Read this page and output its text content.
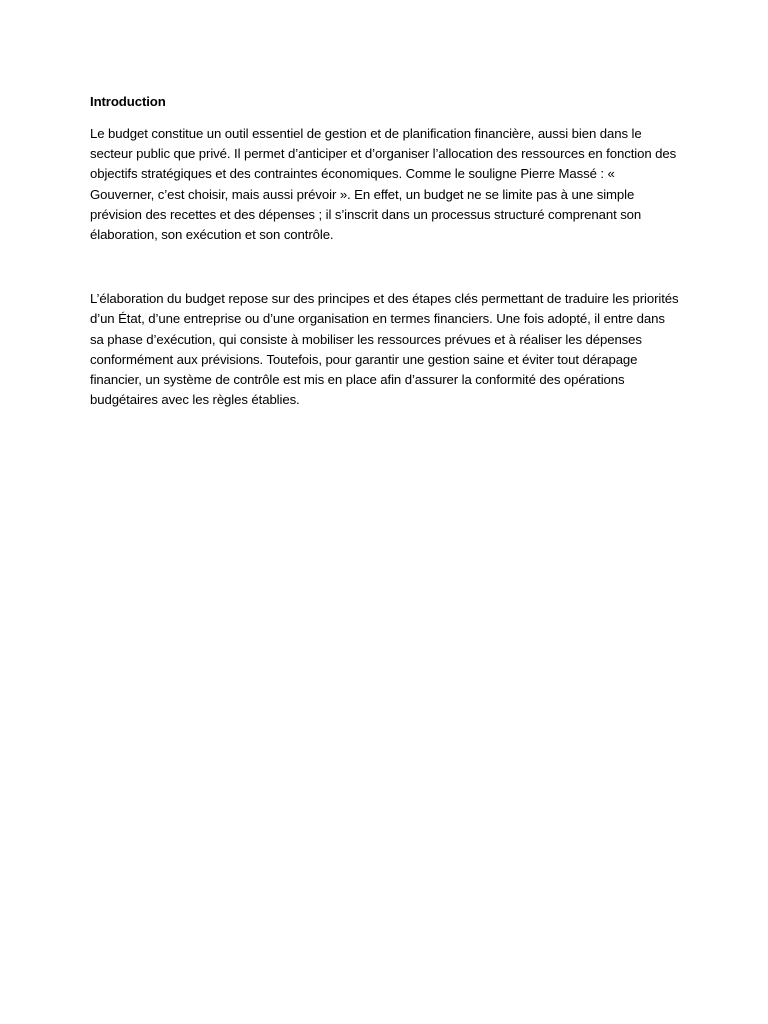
Introduction

Le budget constitue un outil essentiel de gestion et de planification financière, aussi bien dans le secteur public que privé. Il permet d’anticiper et d’organiser l’allocation des ressources en fonction des objectifs stratégiques et des contraintes économiques. Comme le souligne Pierre Massé : « Gouverner, c’est choisir, mais aussi prévoir ». En effet, un budget ne se limite pas à une simple prévision des recettes et des dépenses ; il s’inscrit dans un processus structuré comprenant son élaboration, son exécution et son contrôle.

L’élaboration du budget repose sur des principes et des étapes clés permettant de traduire les priorités d’un État, d’une entreprise ou d’une organisation en termes financiers. Une fois adopté, il entre dans sa phase d’exécution, qui consiste à mobiliser les ressources prévues et à réaliser les dépenses conformément aux prévisions. Toutefois, pour garantir une gestion saine et éviter tout dérapage financier, un système de contrôle est mis en place afin d’assurer la conformité des opérations budgétaires avec les règles établies.
